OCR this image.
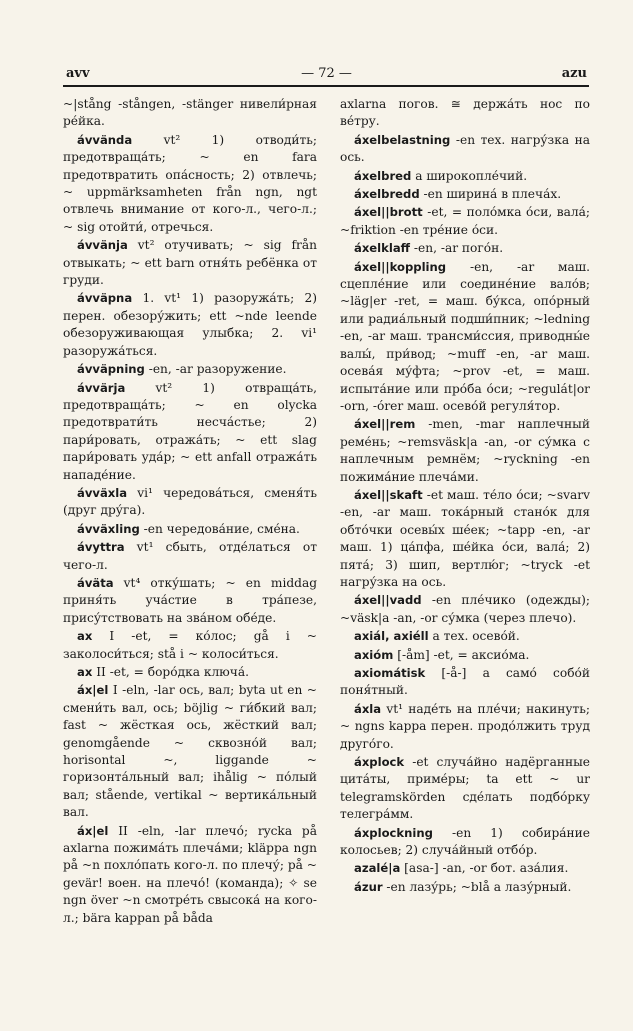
avv	— 72 —	azu
~|stång -stången, -stänger нивели́рная ре́йка.
ávvända	vt² 1) отводи́ть; предотвраща́ть; ~ en fara предотвратить опа́сность; 2) отвлечь; ~ uppmärksamheten från ngn, ngt отвлечь внимание от кого-л., чего-л.; ~ sig отойти́, отречься.
ávvänja vt² отучивать; ~ sig från отвыкать; ~ ett barn отня́ть ребёнка от груди.
ávväpna 1. vt¹ 1) разоружа́ть; 2) перен. обезору́жить; ett ~nde leende обезоруживающая улыбка; 2. vi¹ разоружа́ться.
ávväpning -en, -ar разоружение.
ávvärja vt² 1) отвраща́ть, предотвраща́ть; ~ en olycka предотврати́ть несча́стье; 2) пари́ровать, отража́ть; ~ ett slag пари́ровать уда́р; ~ ett anfall отража́ть нападе́ние.
ávväxla vi¹ чередова́ться, сменя́ть (друг дру́га).
ávväxling -en чередова́ние, сме́на.
ávyttra vt¹ сбыть, отде́латься от чего-л.
áväta vt⁴ отку́шать; ~ en middag приня́ть уча́стие в тра́пезе, прису́тствовать на зва́ном обе́де.
ax I -et, = ко́лос; gå i ~ заколоси́ться; stå i ~ колоси́ться.
ax II -et, = боро́дка ключа́.
áx|el I -eln, -lar ось, вал; byta ut en ~ смени́ть вал, ось; böjlig ~ ги́бкий вал; fast ~ жёсткая ось, жёсткий вал; genomgående ~ сквозно́й вал; horisontal ~, liggande ~ горизонта́льный вал; ihålig ~ по́лый вал; stående, vertikal ~ вертика́льный вал.
áx|el II -eln, -lar плечо́; rycka på axlarna пожима́ть плеча́ми; kläppa ngn på ~n похло́пать кого-л. по плечу́; på ~ gevär! воен. на плечо́! (команда); ✧ se ngn över ~n смотре́ть свысока́ на кого-л.; bära kappan på båda
axlarna погов. ≅ держа́ть нос по ве́тру.
áxelbelastning -en тех. нагру́зка на ось.
áxelbred a широкопле́чий.
áxelbredd -en ширина́ в плеча́х.
áxel||brott -et, = поло́мка о́си, вала́; ~friktion -en тре́ние о́си.
áxelklaff -en, -ar пого́н.
áxel||koppling -en, -ar маш. сцепле́ние или соедине́ние вало́в; ~läg|er -ret, = маш. бу́кса, опо́рный или радиа́льный подши́пник; ~ledning -en, -ar маш. трансми́ссия, приводны́е валы́, при́вод; ~muff -en, -ar маш. осева́я му́фта; ~prov -et, = маш. испыта́ние или про́ба о́си; ~regulát|or -orn, -órer маш. осево́й регуля́тор.
áxel||rem -men, -mar наплечный реме́нь; ~remsväsk|a -an, -or су́мка с наплечным ремнём; ~ryckning -en пожима́ние плеча́ми.
áxel||skaft -et маш. те́ло о́си; ~svarv -en, -ar маш. тока́рный стано́к для обто́чки осевы́х ше́ек; ~tapp -en, -ar маш. 1) ца́пфа, ше́йка о́си, вала́; 2) пята́; 3) шип, вертлю́г; ~tryck -et нагру́зка на ось.
áxel||vadd -en пле́чико (одежды); ~väsk|a -an, -or су́мка (через плечо).
axiál, axiéll a тех. осево́й.
axióm [-åm] -et, = аксио́ма.
axiomátisk [-å-] a само́ собо́й поня́тный.
áxla vt¹ наде́ть на пле́чи; накинуть; ~ ngns kappa перен. продо́лжить труд друго́го.
áxplock -et случа́йно надёрганные цита́ты, приме́ры; ta ett ~ ur telegramskörden сде́лать подбо́рку телегра́мм.
áxplockning -en 1) собира́ние колосьев; 2) случа́йный отбо́р.
azalé|a [asa-] -an, -or бот. аза́лия.
ázur -en лазу́рь; ~blå a лазу́рный.
